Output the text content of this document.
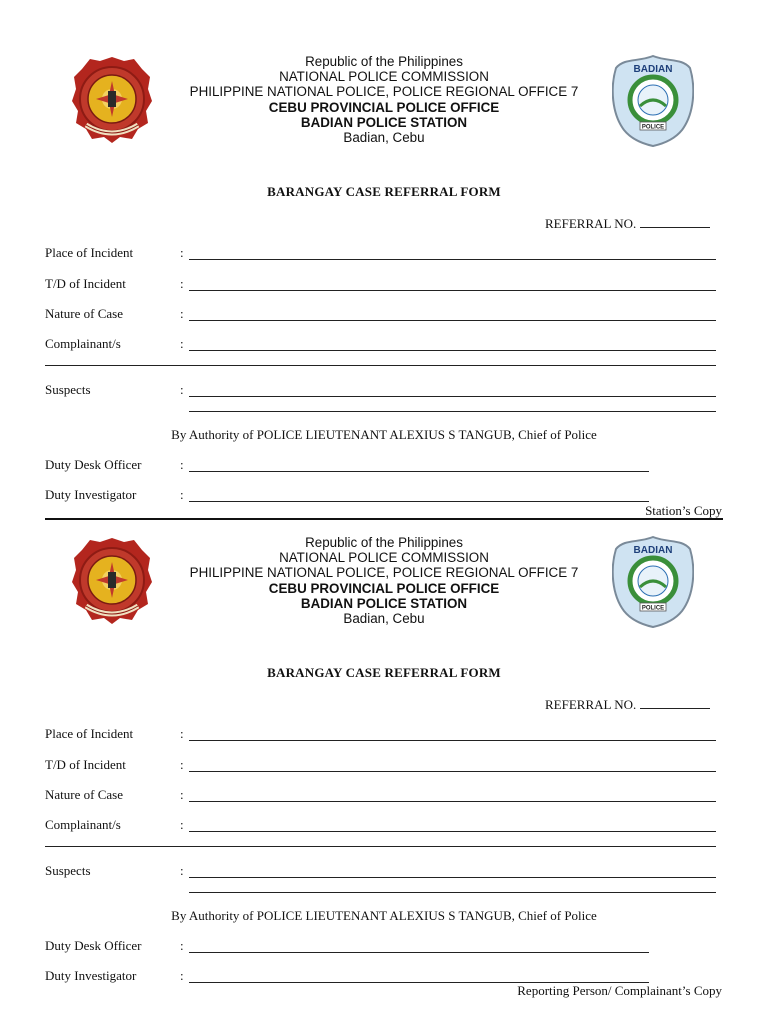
Republic of the Philippines
NATIONAL POLICE COMMISSION
PHILIPPINE NATIONAL POLICE, POLICE REGIONAL OFFICE 7
CEBU PROVINCIAL POLICE OFFICE
BADIAN POLICE STATION
Badian, Cebu
BADIAN
POLICE
BARANGAY CASE REFERRAL FORM
REFERRAL NO.
Place of Incident	:
T/D of Incident	:
Nature of Case	:
Complainant/s	:
Suspects	:
By Authority of POLICE LIEUTENANT ALEXIUS S TANGUB, Chief of Police
Duty Desk Officer	:
Duty Investigator	:
Station’s Copy
Republic of the Philippines
NATIONAL POLICE COMMISSION
PHILIPPINE NATIONAL POLICE, POLICE REGIONAL OFFICE 7
CEBU PROVINCIAL POLICE OFFICE
BADIAN POLICE STATION
Badian, Cebu
BADIAN
POLICE
BARANGAY CASE REFERRAL FORM
REFERRAL NO.
Place of Incident	:
T/D of Incident	:
Nature of Case	:
Complainant/s	:
Suspects	:
By Authority of POLICE LIEUTENANT ALEXIUS S TANGUB, Chief of Police
Duty Desk Officer	:
Duty Investigator	:
Reporting Person/ Complainant’s Copy
